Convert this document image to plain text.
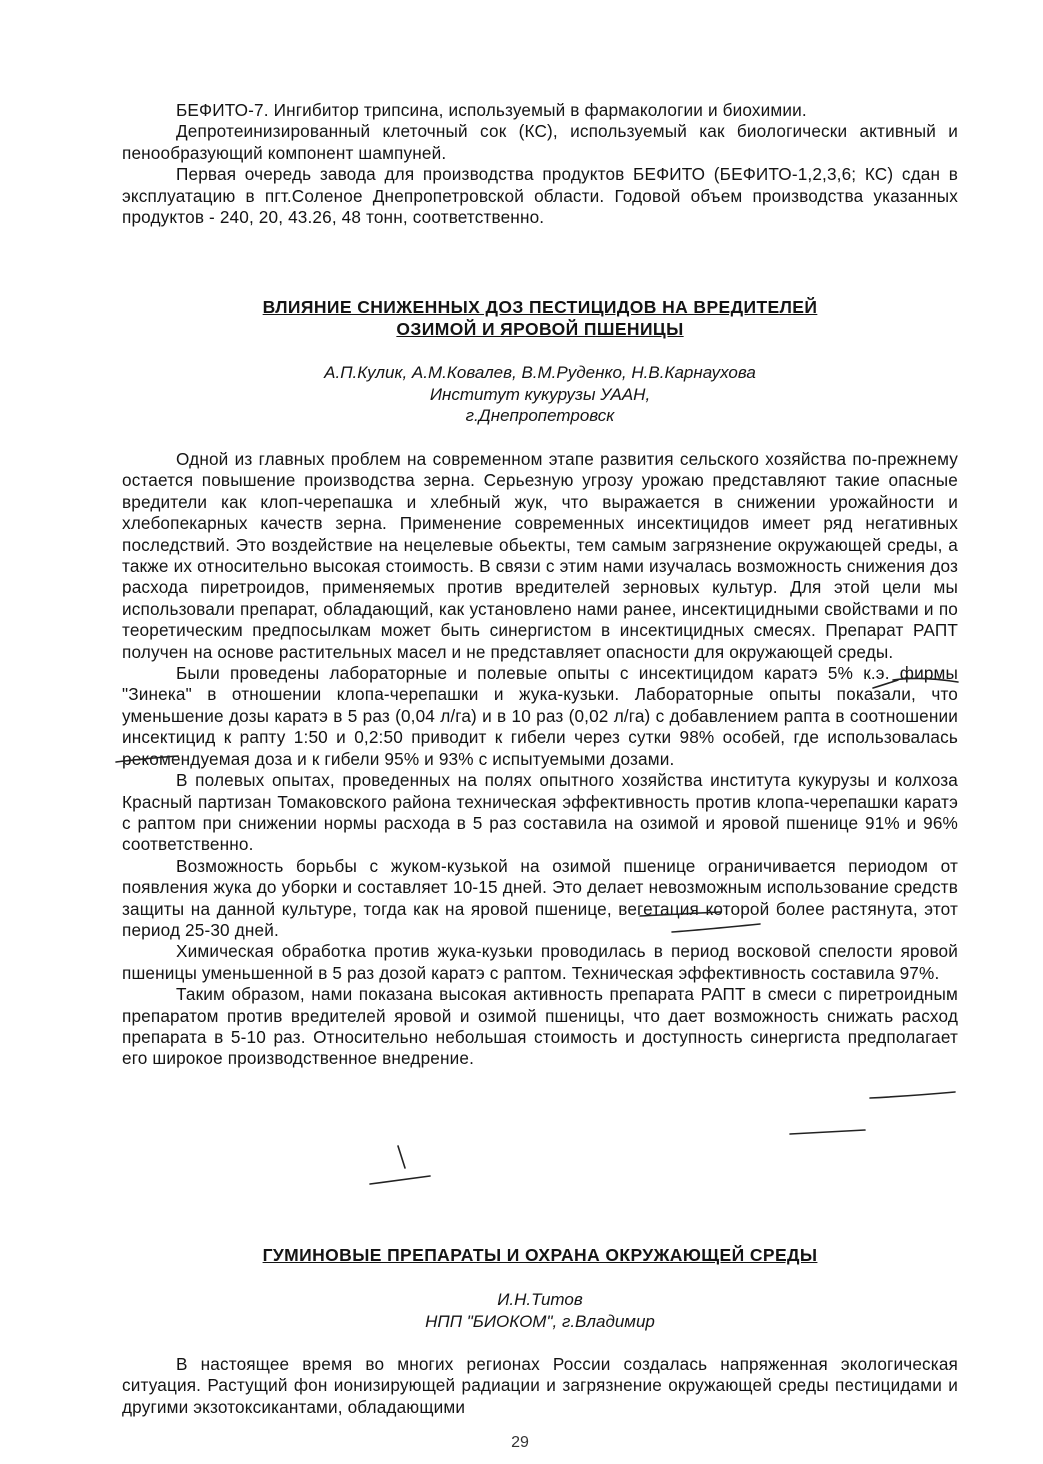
БЕФИТО-7. Ингибитор трипсина, используемый в фармакологии и биохимии.

Депротеинизированный клеточный сок (КС), используемый как биологически активный и пенообразующий компонент шампуней.

Первая очередь завода для производства продуктов БЕФИТО (БЕФИТО-1,2,3,6; КС) сдан в эксплуатацию в пгт.Соленое Днепропетровской области. Годовой объем производства указанных продуктов - 240, 20, 43.26, 48 тонн, соответственно.

ВЛИЯНИЕ СНИЖЕННЫХ ДОЗ ПЕСТИЦИДОВ НА ВРЕДИТЕЛЕЙ
ОЗИМОЙ И ЯРОВОЙ ПШЕНИЦЫ
А.П.Кулик, А.М.Ковалев, В.М.Руденко, Н.В.Карнаухова
Институт кукурузы УААН,
г.Днепропетровск

Одной из главных проблем на современном этапе развития сельского хозяйства по-прежнему остается повышение производства зерна. Серьезную угрозу урожаю представляют такие опасные вредители как клоп-черепашка и хлебный жук, что выражается в снижении урожайности и хлебопекарных качеств зерна. Применение современных инсектицидов имеет ряд негативных последствий. Это воздействие на нецелевые обьекты, тем самым загрязнение окружающей среды, а также их относительно высокая стоимость. В связи с этим нами изучалась возможность снижения доз расхода пиретроидов, применяемых против вредителей зерновых культур. Для этой цели мы использовали препарат, обладающий, как установлено нами ранее, инсектицидными свойствами и по теоретическим предпосылкам может быть синергистом в инсектицидных смесях. Препарат РАПТ получен на основе растительных масел и не представляет опасности для окружающей среды.

Были проведены лабораторные и полевые опыты с инсектицидом каратэ 5% к.э. фирмы "Зинека" в отношении клопа-черепашки и жука-кузьки. Лабораторные опыты показали, что уменьшение дозы каратэ в 5 раз (0,04 л/га) и в 10 раз (0,02 л/га) с добавлением рапта в соотношении инсектицид к рапту 1:50 и 0,2:50 приводит к гибели через сутки 98% особей, где использовалась рекомендуемая доза и к гибели 95% и 93% с испытуемыми дозами.

В полевых опытах, проведенных на полях опытного хозяйства института кукурузы и колхоза Красный партизан Томаковского района техническая эффективность против клопа-черепашки каратэ с раптом при снижении нормы расхода в 5 раз составила на озимой и яровой пшенице 91% и 96% соответственно.

Возможность борьбы с жуком-кузькой на озимой пшенице ограничивается периодом от появления жука до уборки и составляет 10-15 дней. Это делает невозможным использование средств защиты на данной культуре, тогда как на яровой пшенице, вегетация которой более растянута, этот период 25-30 дней.

Химическая обработка против жука-кузьки проводилась в период восковой спелости яровой пшеницы уменьшенной в 5 раз дозой каратэ с раптом. Техническая эффективность составила 97%.

Таким образом, нами показана высокая активность препарата РАПТ в смеси с пиретроидным препаратом против вредителей яровой и озимой пшеницы, что дает возможность снижать расход препарата в 5-10 раз. Относительно небольшая стоимость и доступность синергиста предполагает его широкое производственное внедрение.

ГУМИНОВЫЕ ПРЕПАРАТЫ И ОХРАНА ОКРУЖАЮЩЕЙ СРЕДЫ
И.Н.Титов
НПП "БИОКОМ", г.Владимир

В настоящее время во многих регионах России создалась напряженная экологическая ситуация. Растущий фон ионизирующей радиации и загрязнение окружающей среды пестицидами и другими экзотоксикантами, обладающими

29
